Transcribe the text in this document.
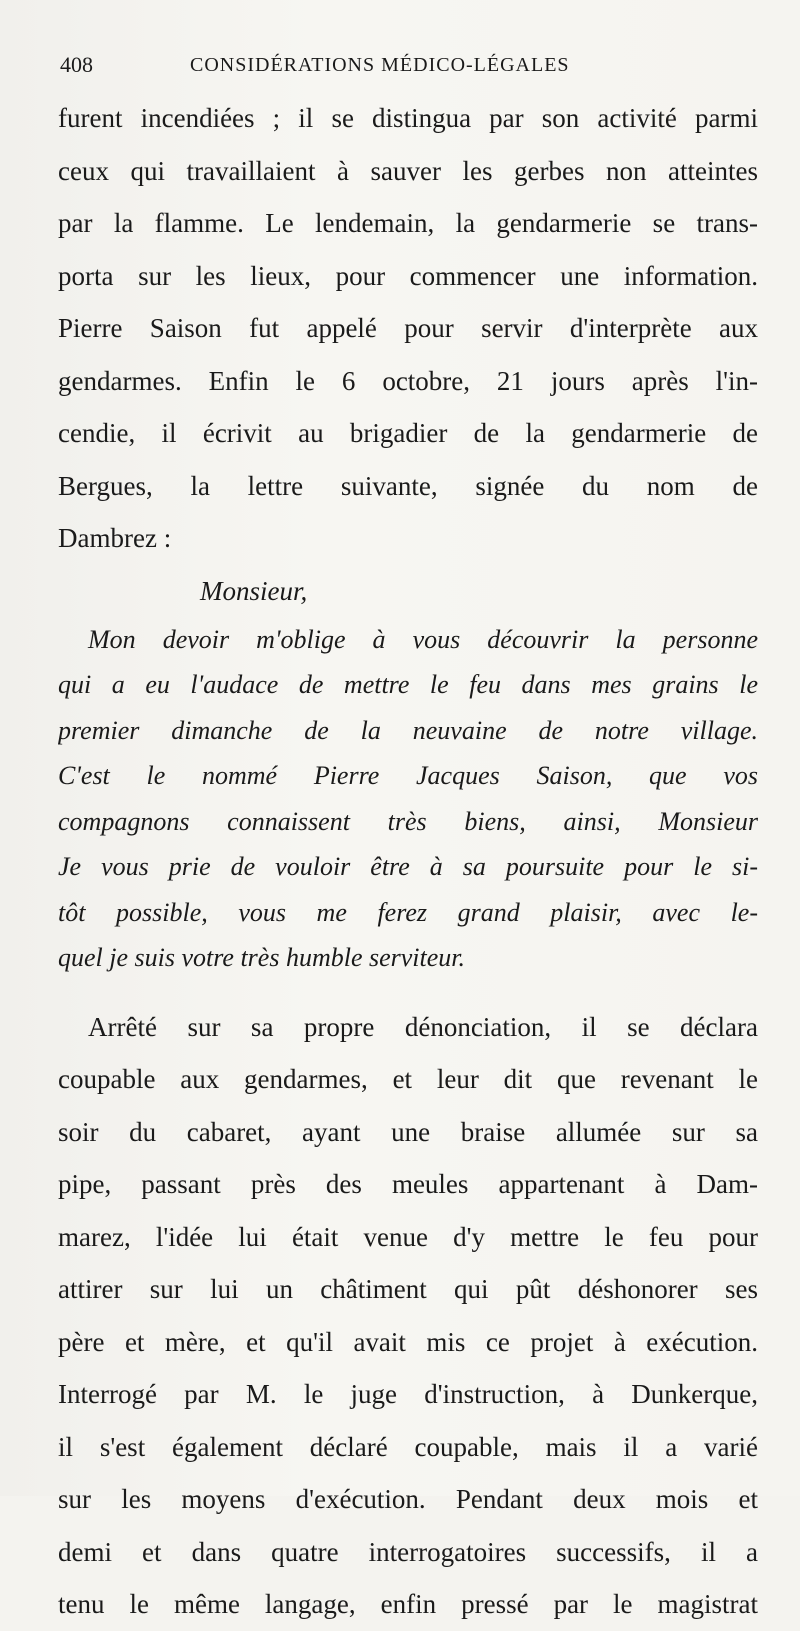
408	CONSIDÉRATIONS MÉDICO-LÉGALES
furent incendiées ; il se distingua par son activité parmi
ceux qui travaillaient à sauver les gerbes non atteintes
par la flamme. Le lendemain, la gendarmerie se trans-
porta sur les lieux, pour commencer une information.
Pierre Saison fut appelé pour servir d'interprète aux
gendarmes. Enfin le 6 octobre, 21 jours après l'in-
cendie, il écrivit au brigadier de la gendarmerie de
Bergues, la lettre suivante, signée du nom de
Dambrez :
Monsieur,
Mon devoir m'oblige à vous découvrir la personne
qui a eu l'audace de mettre le feu dans mes grains le
premier dimanche de la neuvaine de notre village.
C'est le nommé Pierre Jacques Saison, que vos
compagnons connaissent très biens, ainsi, Monsieur
Je vous prie de vouloir être à sa poursuite pour le si-
tôt possible, vous me ferez grand plaisir, avec le-
quel je suis votre très humble serviteur.
Arrêté sur sa propre dénonciation, il se déclara
coupable aux gendarmes, et leur dit que revenant le
soir du cabaret, ayant une braise allumée sur sa
pipe, passant près des meules appartenant à Dam-
marez, l'idée lui était venue d'y mettre le feu pour
attirer sur lui un châtiment qui pût déshonorer ses
père et mère, et qu'il avait mis ce projet à exécution.
Interrogé par M. le juge d'instruction, à Dunkerque,
il s'est également déclaré coupable, mais il a varié
sur les moyens d'exécution. Pendant deux mois et
demi et dans quatre interrogatoires successifs, il a
tenu le même langage, enfin pressé par le magistrat
